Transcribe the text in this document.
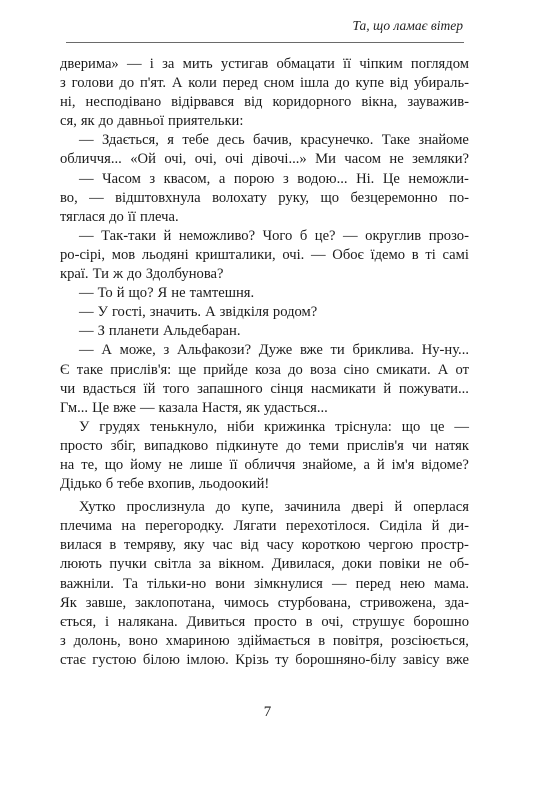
Та, що ламає вітер
дверима» — і за мить устигав обмацати її чіпким поглядом
з голови до п'ят. А коли перед сном ішла до купе від убираль-
ні, несподівано відірвався від коридорного вікна, зауважив-
ся, як до давньої приятельки:
— Здається, я тебе десь бачив, красунечко. Таке знайоме
обличчя... «Ой очі, очі, очі дівочі...» Ми часом не земляки?
— Часом з квасом, а порою з водою... Ні. Це неможли-
во, — відштовхнула волохату руку, що безцеремонно по-
тяглася до її плеча.
— Так-таки й неможливо? Чого б це? — округлив прозо-
ро-сірі, мов льодяні кришталики, очі. — Обоє їдемо в ті самі
краї. Ти ж до Здолбунова?
— То й що? Я не тамтешня.
— У гості, значить. А звідкіля родом?
— З планети Альдебаран.
— А може, з Альфакози? Дуже вже ти бриклива. Ну-ну...
Є таке прислів'я: ще прийде коза до воза сіно смикати. А от
чи вдасться їй того запашного сінця насмикати й пожувати...
Гм... Це вже — казала Настя, як удасться...
У грудях тенькнуло, ніби крижинка тріснула: що це —
просто збіг, випадково підкинуте до теми прислів'я чи натяк
на те, що йому не лише її обличчя знайоме, а й ім'я відоме?
Дідько б тебе вхопив, льодоокий!
Хутко прослизнула до купе, зачинила двері й оперлася
плечима на перегородку. Лягати перехотілося. Сиділа й ди-
вилася в темряву, яку час від часу короткою чергою простр-
люють пучки світла за вікном. Дивилася, доки повіки не об-
важніли. Та тільки-но вони зімкнулися — перед нею мама.
Як завше, заклопотана, чимось стурбована, стривожена, зда-
ється, і налякана. Дивиться просто в очі, струшує борошно
з долонь, воно хмариною здіймається в повітря, розсіюється,
стає густою білою імлою. Крізь ту борошняно-білу завісу вже
7
